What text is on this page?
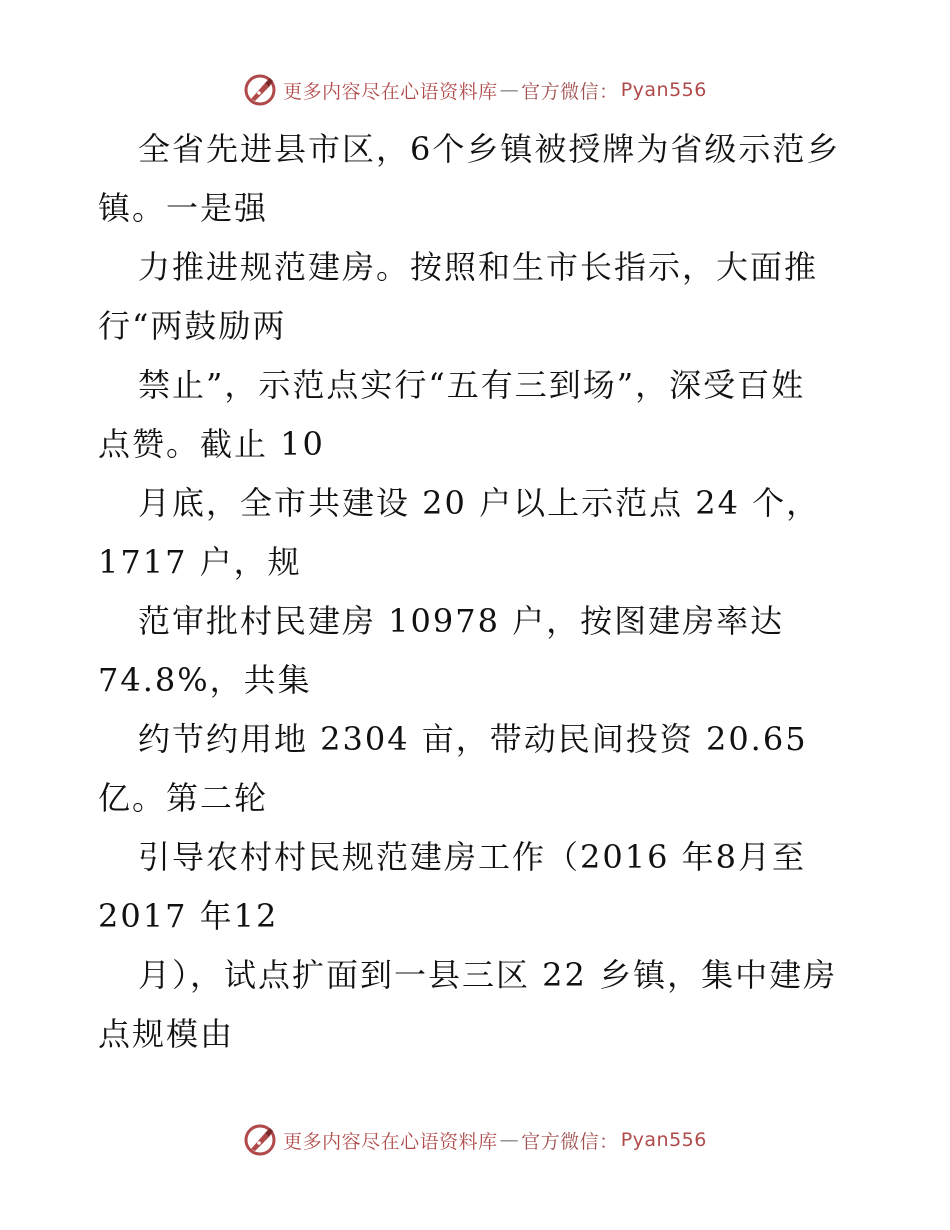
更多内容尽在心语资料库 — 官方微信： Pyan556
全省先进县市区，6个乡镇被授牌为省级示范乡
镇。一是强
力推进规范建房。按照和生市长指示，大面推
行“两鼓励两
禁止”，示范点实行“五有三到场”，深受百姓
点赞。截止 10
月底，全市共建设 20 户以上示范点 24 个，
1717 户，规
范审批村民建房 10978 户，按图建房率达
74.8%，共集
约节约用地 2304 亩，带动民间投资 20.65
亿。第二轮
引导农村村民规范建房工作（2016 年8月至
2017 年12
月），试点扩面到一县三区 22 乡镇，集中建房
点规模由
更多内容尽在心语资料库 — 官方微信： Pyan556
